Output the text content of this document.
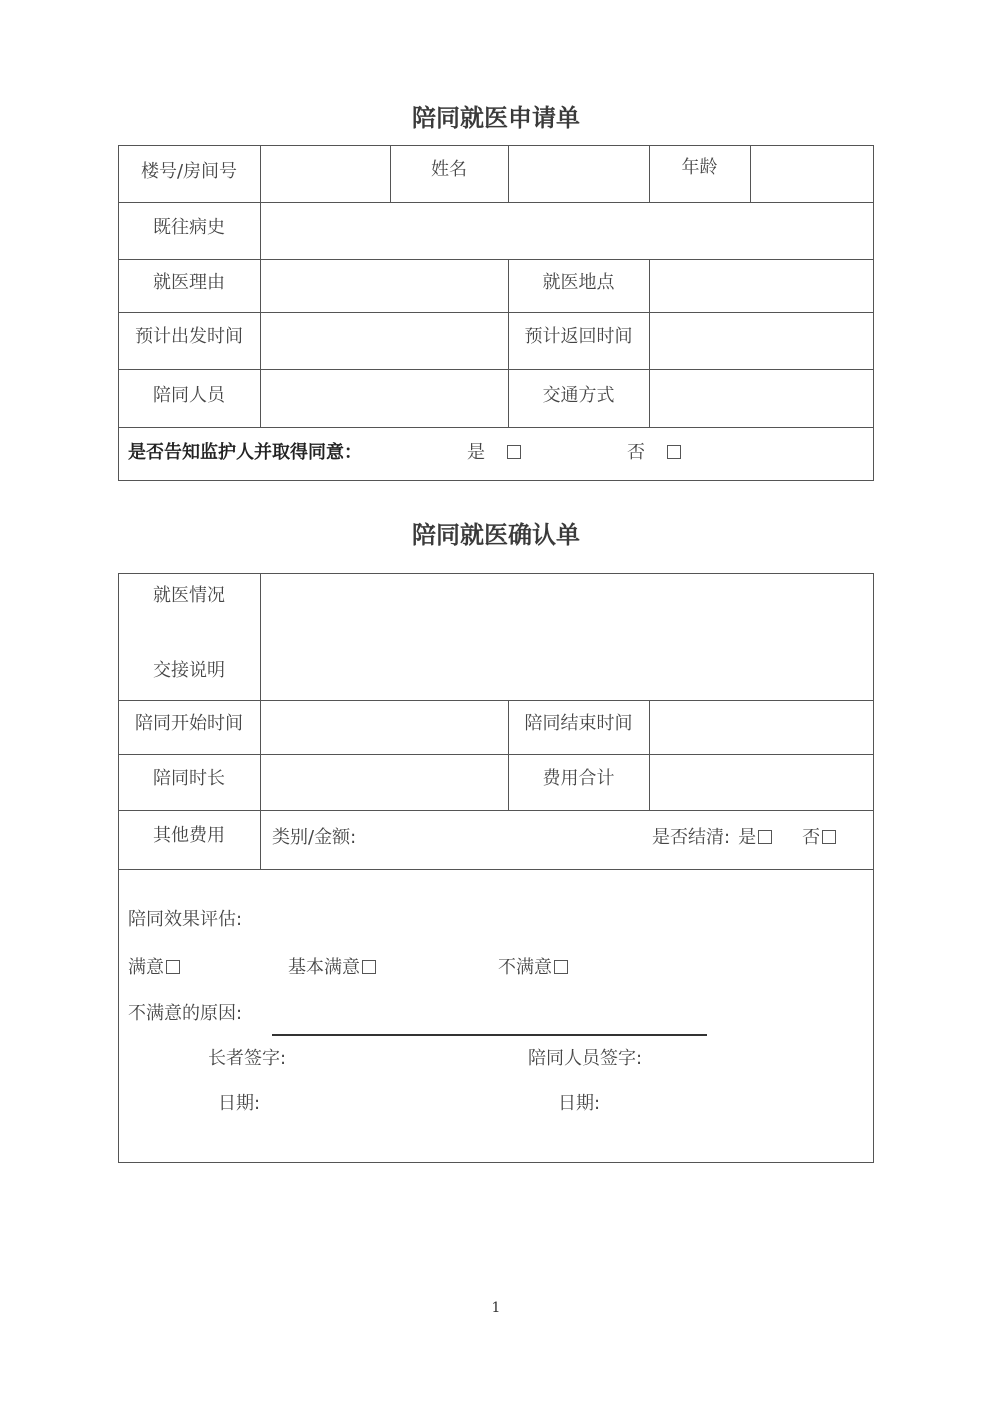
陪同就医申请单
楼号/房间号	姓名	年龄
既往病史
就医理由	就医地点
预计出发时间	预计返回时间
陪同人员	交通方式
是否告知监护人并取得同意：	是	否
陪同就医确认单
就医情况
交接说明
陪同开始时间	陪同结束时间
陪同时长	费用合计
其他费用	类别/金额:	是否结清: 是	否
陪同效果评估:
满意	基本满意	不满意
不满意的原因:
长者签字:	陪同人员签字:
日期:	日期:
1
